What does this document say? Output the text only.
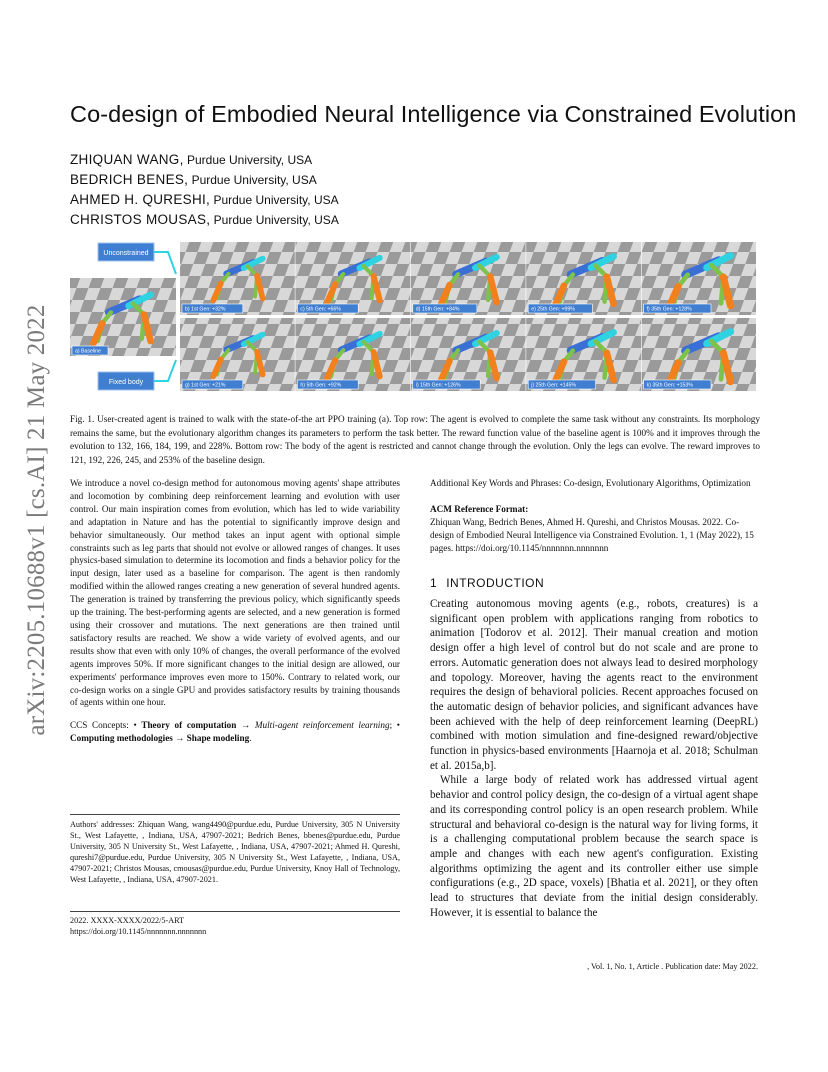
arXiv:2205.10688v1 [cs.AI] 21 May 2022
Co-design of Embodied Neural Intelligence via Constrained Evolution
ZHIQUAN WANG, Purdue University, USA
BEDRICH BENES, Purdue University, USA
AHMED H. QURESHI, Purdue University, USA
CHRISTOS MOUSAS, Purdue University, USA
b) 1st Gen: +32%	c) 5th Gen: +66%	d) 15th Gen: +84%	e) 25th Gen: +99%	f) 35th Gen: +128%
g) 1st Gen: +21%	h) 5th Gen: +92%	i) 15th Gen: +126%	j) 25th Gen: +145%	k) 35th Gen: +153%
a) Baseline
Unconstrained
Fixed body

Fig. 1. User-created agent is trained to walk with the state-of-the art PPO training (a). Top row: The agent is evolved to complete the same task without any constraints. Its morphology remains the same, but the evolutionary algorithm changes its parameters to perform the task better. The reward function value of the baseline agent is 100% and it improves through the evolution to 132, 166, 184, 199, and 228%. Bottom row: The body of the agent is restricted and cannot change through the evolution. Only the legs can evolve. The reward improves to 121, 192, 226, 245, and 253% of the baseline design.

We introduce a novel co-design method for autonomous moving agents' shape attributes and locomotion by combining deep reinforcement learning and evolution with user control. Our main inspiration comes from evolution, which has led to wide variability and adaptation in Nature and has the potential to significantly improve design and behavior simultaneously. Our method takes an input agent with optional simple constraints such as leg parts that should not evolve or allowed ranges of changes. It uses physics-based simulation to determine its locomotion and finds a behavior policy for the input design, later used as a baseline for comparison. The agent is then randomly modified within the allowed ranges creating a new generation of several hundred agents. The generation is trained by transferring the previous policy, which significantly speeds up the training. The best-performing agents are selected, and a new generation is formed using their crossover and mutations. The next generations are then trained until satisfactory results are reached. We show a wide variety of evolved agents, and our results show that even with only 10% of changes, the overall performance of the evolved agents improves 50%. If more significant changes to the initial design are allowed, our experiments' performance improves even more to 150%. Contrary to related work, our co-design works on a single GPU and provides satisfactory results by training thousands of agents within one hour.

CCS Concepts: • Theory of computation → Multi-agent reinforcement learning; • Computing methodologies → Shape modeling.

Authors' addresses: Zhiquan Wang, wang4490@purdue.edu, Purdue University, 305 N University St., West Lafayette, , Indiana, USA, 47907-2021; Bedrich Benes, bbenes@purdue.edu, Purdue University, 305 N University St., West Lafayette, , Indiana, USA, 47907-2021; Ahmed H. Qureshi, qureshi7@purdue.edu, Purdue University, 305 N University St., West Lafayette, , Indiana, USA, 47907-2021; Christos Mousas, cmousas@purdue.edu, Purdue University, Knoy Hall of Technology, West Lafayette, , Indiana, USA, 47907-2021.

2022. XXXX-XXXX/2022/5-ART
https://doi.org/10.1145/nnnnnnn.nnnnnnn

Additional Key Words and Phrases: Co-design, Evolutionary Algorithms, Optimization

ACM Reference Format:

Zhiquan Wang, Bedrich Benes, Ahmed H. Qureshi, and Christos Mousas. 2022. Co-design of Embodied Neural Intelligence via Constrained Evolution. 1, 1 (May 2022), 15 pages. https://doi.org/10.1145/nnnnnnn.nnnnnnn

1 INTRODUCTION

Creating autonomous moving agents (e.g., robots, creatures) is a significant open problem with applications ranging from robotics to animation [Todorov et al. 2012]. Their manual creation and motion design offer a high level of control but do not scale and are prone to errors. Automatic generation does not always lead to desired morphology and topology. Moreover, having the agents react to the environment requires the design of behavioral policies. Recent approaches focused on the automatic design of behavior policies, and significant advances have been achieved with the help of deep reinforcement learning (DeepRL) combined with motion simulation and fine-designed reward/objective function in physics-based environments [Haarnoja et al. 2018; Schulman et al. 2015a,b].

While a large body of related work has addressed virtual agent behavior and control policy design, the co-design of a virtual agent shape and its corresponding control policy is an open research problem. While structural and behavioral co-design is the natural way for living forms, it is a challenging computational problem because the search space is ample and changes with each new agent's configuration. Existing algorithms optimizing the agent and its controller either use simple configurations (e.g., 2D space, voxels) [Bhatia et al. 2021], or they often lead to structures that deviate from the initial design considerably. However, it is essential to balance the

, Vol. 1, No. 1, Article . Publication date: May 2022.
